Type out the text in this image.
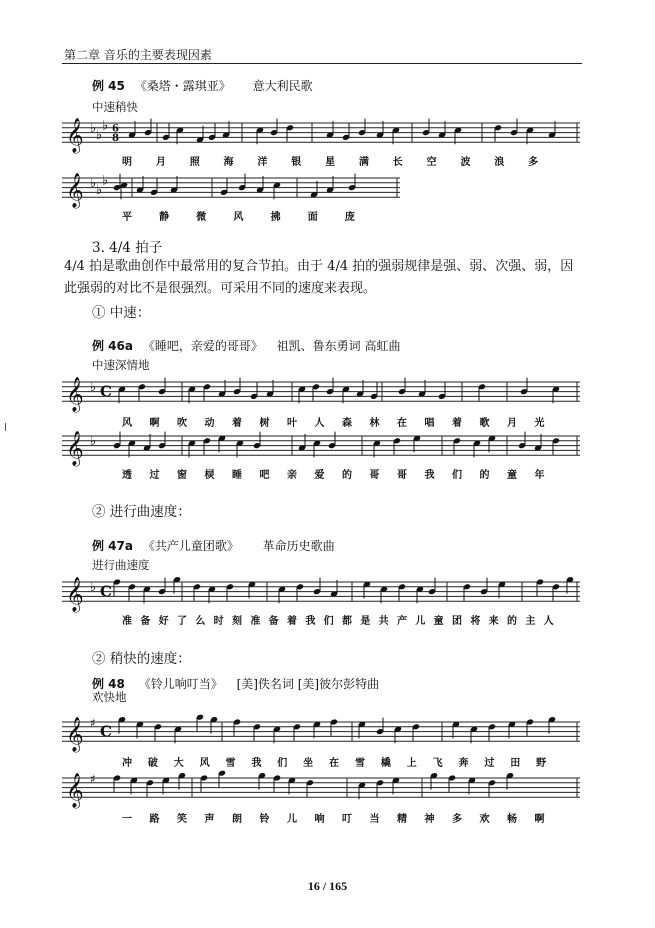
第二章 音乐的主要表现因素
例 45 《桑塔・露琪亚》 意大利民歌
中速稍快
𝄞 ♭ ♭
♭ 6
8
明 月 照 海 洋 银 星 满 长 空 波 浪 多
𝄞 ♭ ♭
♭
平	静	微	风	拂	面	庞
3. 4/4 拍子
4/4 拍是歌曲创作中最常用的复合节拍。由于 4/4 拍的强弱规律是强、弱、次强、弱，因此强弱的对比不是很强烈。可采用不同的速度来表现。
① 中速：
例 46a 《睡吧，亲爱的哥哥》 祖凯、鲁东勇词 高虹曲
中速深情地
𝄞 ♭ C
风 啊 吹 动 着 树 叶 人 森 林 在 唱 着 歌 月 光
𝄞 ♭
透 过 窗 棂 睡 吧 亲 爱 的 哥 哥 我 们 的 童 年
② 进行曲速度：
例 47a 《共产儿童团歌》 革命历史歌曲
进行曲速度
𝄞 ♭ C
准 备 好 了 么 时 刻 准 备 着 我 们 都 是 共 产 儿 童 团 将 来 的 主 人
② 稍快的速度：
例 48 《铃儿响叮当》 [美]佚名词 [美]彼尔彭特曲
欢快地
𝄞 ♯ C
冲 破 大 风 雪 我 们 坐 在 雪 橇 上 飞 奔 过 田 野
𝄞 ♯
一 路 笑 声 朗 铃 儿 响 叮 当 精 神 多 欢 畅 啊
16 / 165
